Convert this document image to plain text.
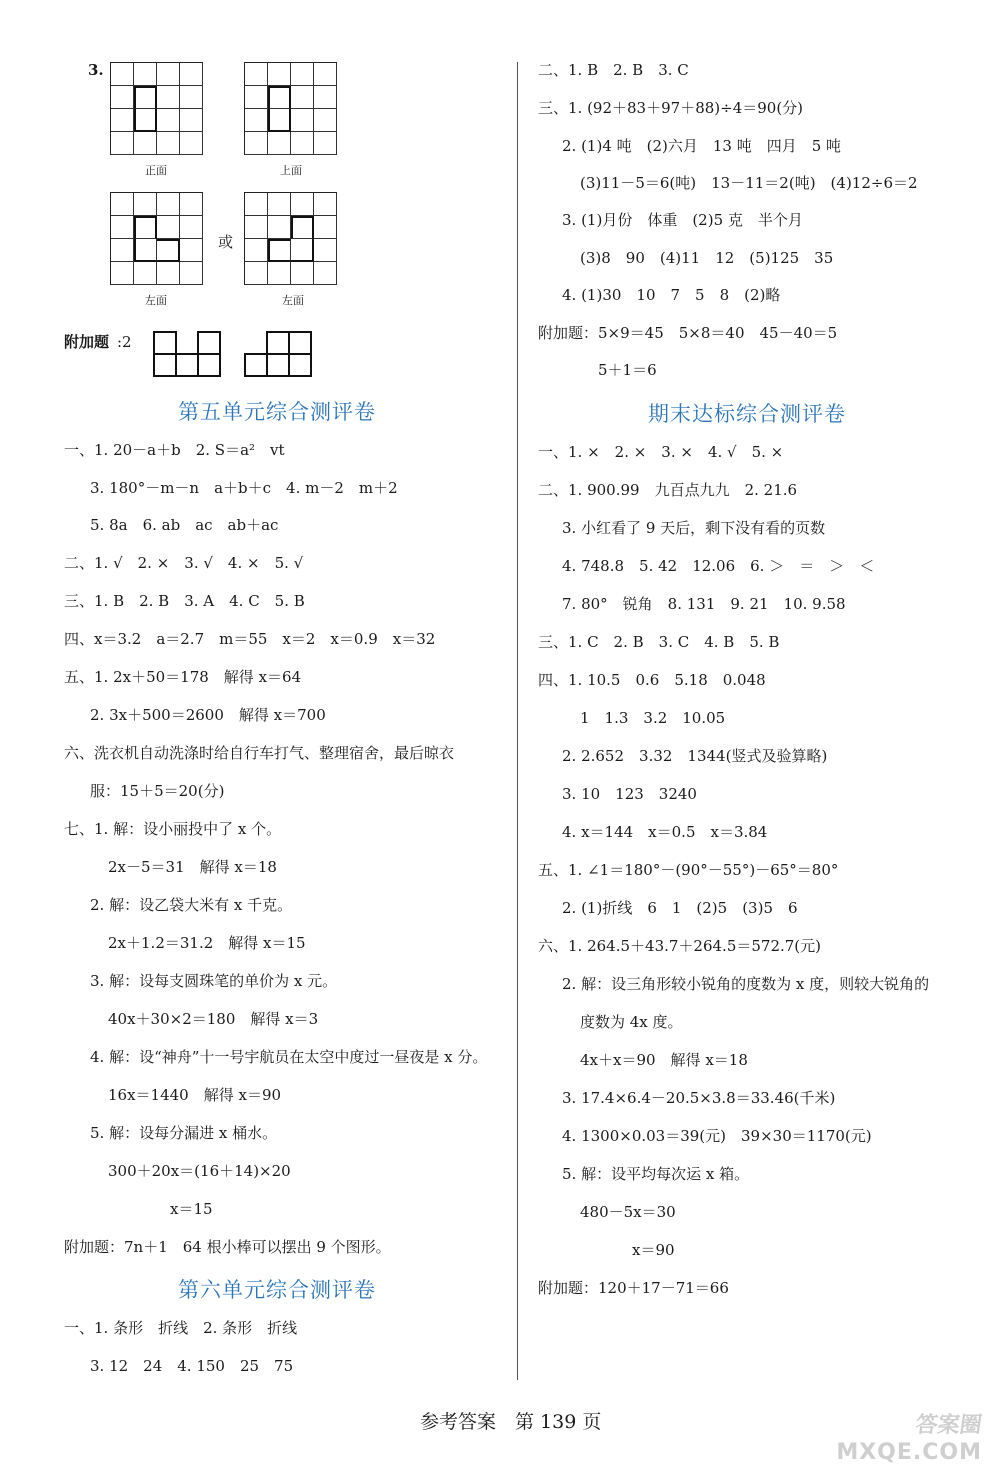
3.
正面	上面
左面
或
左面
附加题 :2
第五单元综合测评卷
一、1. 20－a＋b　2. S＝a²　vt
3. 180°－m－n　a＋b＋c　4. m－2　m＋2
5. 8a　6. ab　ac　ab＋ac
二、1. √　2. ×　3. √　4. ×　5. √
三、1. B　2. B　3. A　4. C　5. B
四、x＝3.2　a＝2.7　m＝55　x＝2　x＝0.9　x＝32
五、1. 2x＋50＝178　解得 x＝64
2. 3x＋500＝2600　解得 x＝700
六、洗衣机自动洗涤时给自行车打气、整理宿舍，最后晾衣
服：15＋5＝20(分)
七、1. 解：设小丽投中了 x 个。
2x－5＝31　解得 x＝18
2. 解：设乙袋大米有 x 千克。
2x＋1.2＝31.2　解得 x＝15
3. 解：设每支圆珠笔的单价为 x 元。
40x＋30×2＝180　解得 x＝3
4. 解：设“神舟”十一号宇航员在太空中度过一昼夜是 x 分。
16x＝1440　解得 x＝90
5. 解：设每分漏进 x 桶水。
300＋20x＝(16＋14)×20
x＝15
附加题：7n＋1　64 根小棒可以摆出 9 个图形。
第六单元综合测评卷
一、1. 条形　折线　2. 条形　折线
3. 12　24　4. 150　25　75
二、1. B　2. B　3. C
三、1. (92＋83＋97＋88)÷4＝90(分)
2. (1)4 吨　(2)六月　13 吨　四月　5 吨
(3)11－5＝6(吨)　13－11＝2(吨)　(4)12÷6＝2
3. (1)月份　体重　(2)5 克　半个月
(3)8　90　(4)11　12　(5)125　35
4. (1)30　10　7　5　8　(2)略
附加题：5×9＝45　5×8＝40　45－40＝5
5＋1＝6
期末达标综合测评卷
一、1. ×　2. ×　3. ×　4. √　5. ×
二、1. 900.99　九百点九九　2. 21.6
3. 小红看了 9 天后，剩下没有看的页数
4. 748.8　5. 42　12.06　6. ＞　＝　＞　＜
7. 80°　锐角　8. 131　9. 21　10. 9.58
三、1. C　2. B　3. C　4. B　5. B
四、1. 10.5　0.6　5.18　0.048
1　1.3　3.2　10.05
2. 2.652　3.32　1344(竖式及验算略)
3. 10　123　3240
4. x＝144　x＝0.5　x＝3.84
五、1. ∠1＝180°－(90°－55°)－65°＝80°
2. (1)折线　6　1　(2)5　(3)5　6
六、1. 264.5＋43.7＋264.5＝572.7(元)
2. 解：设三角形较小锐角的度数为 x 度，则较大锐角的
度数为 4x 度。
4x＋x＝90　解得 x＝18
3. 17.4×6.4－20.5×3.8＝33.46(千米)
4. 1300×0.03＝39(元)　39×30＝1170(元)
5. 解：设平均每次运 x 箱。
480－5x＝30
x＝90
附加题：120＋17－71＝66
参考答案　第 139 页	答案圈
MXQE.COM
